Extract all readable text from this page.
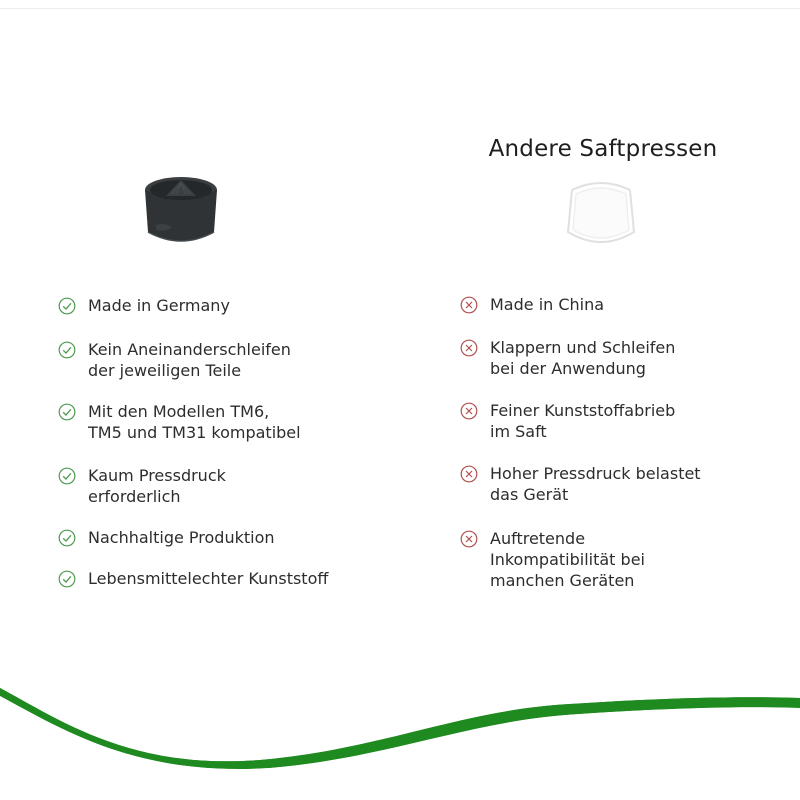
Andere Saftpressen
Made in Germany
Kein Aneinanderschleifen
der jeweiligen Teile
Mit den Modellen TM6,
TM5 und TM31 kompatibel
Kaum Pressdruck
erforderlich
Nachhaltige Produktion
Lebensmittelechter Kunststoff
Made in China
Klappern und Schleifen
bei der Anwendung
Feiner Kunststoffabrieb
im Saft
Hoher Pressdruck belastet
das Gerät
Auftretende
Inkompatibilität bei
manchen Geräten
